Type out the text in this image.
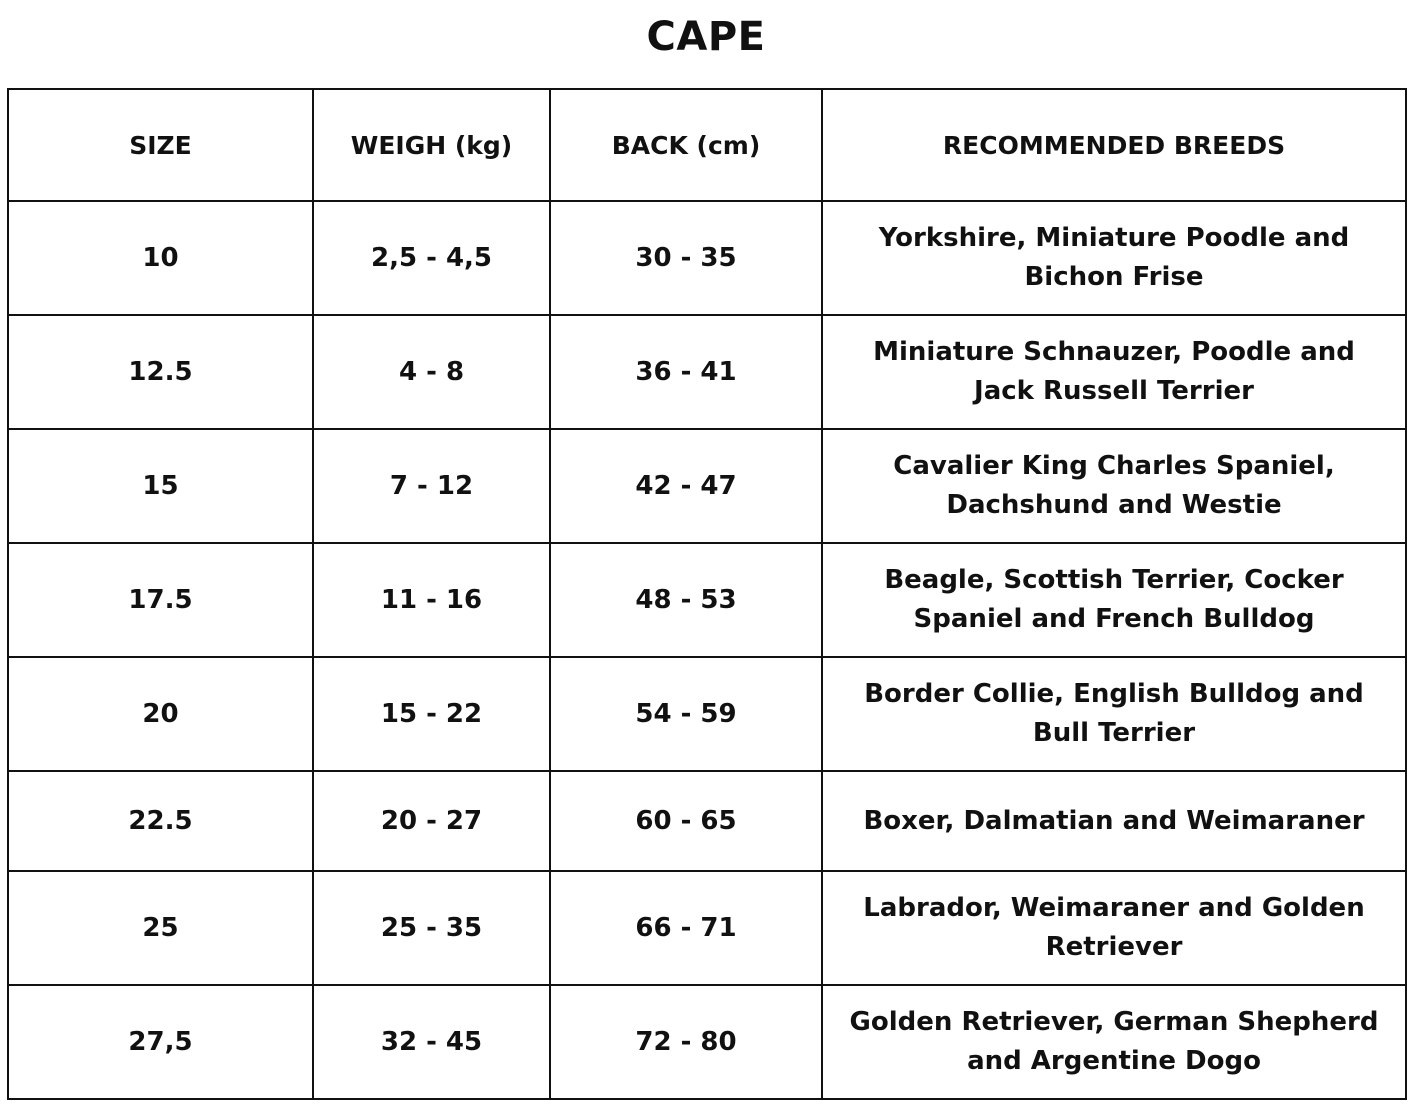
CAPE
SIZE	WEIGH (kg)	BACK (cm)	RECOMMENDED BREEDS
10	2,5 - 4,5	30 - 35	Yorkshire, Miniature Poodle and Bichon Frise
12.5	4 - 8	36 - 41	Miniature Schnauzer, Poodle and Jack Russell Terrier
15	7 - 12	42 - 47	Cavalier King Charles Spaniel, Dachshund and Westie
17.5	11 - 16	48 - 53	Beagle, Scottish Terrier, Cocker Spaniel and French Bulldog
20	15 - 22	54 - 59	Border Collie, English Bulldog and Bull Terrier
22.5	20 - 27	60 - 65	Boxer, Dalmatian and Weimaraner
25	25 - 35	66 - 71	Labrador, Weimaraner and Golden Retriever
27,5	32 - 45	72 - 80	Golden Retriever, German Shepherd and Argentine Dogo
